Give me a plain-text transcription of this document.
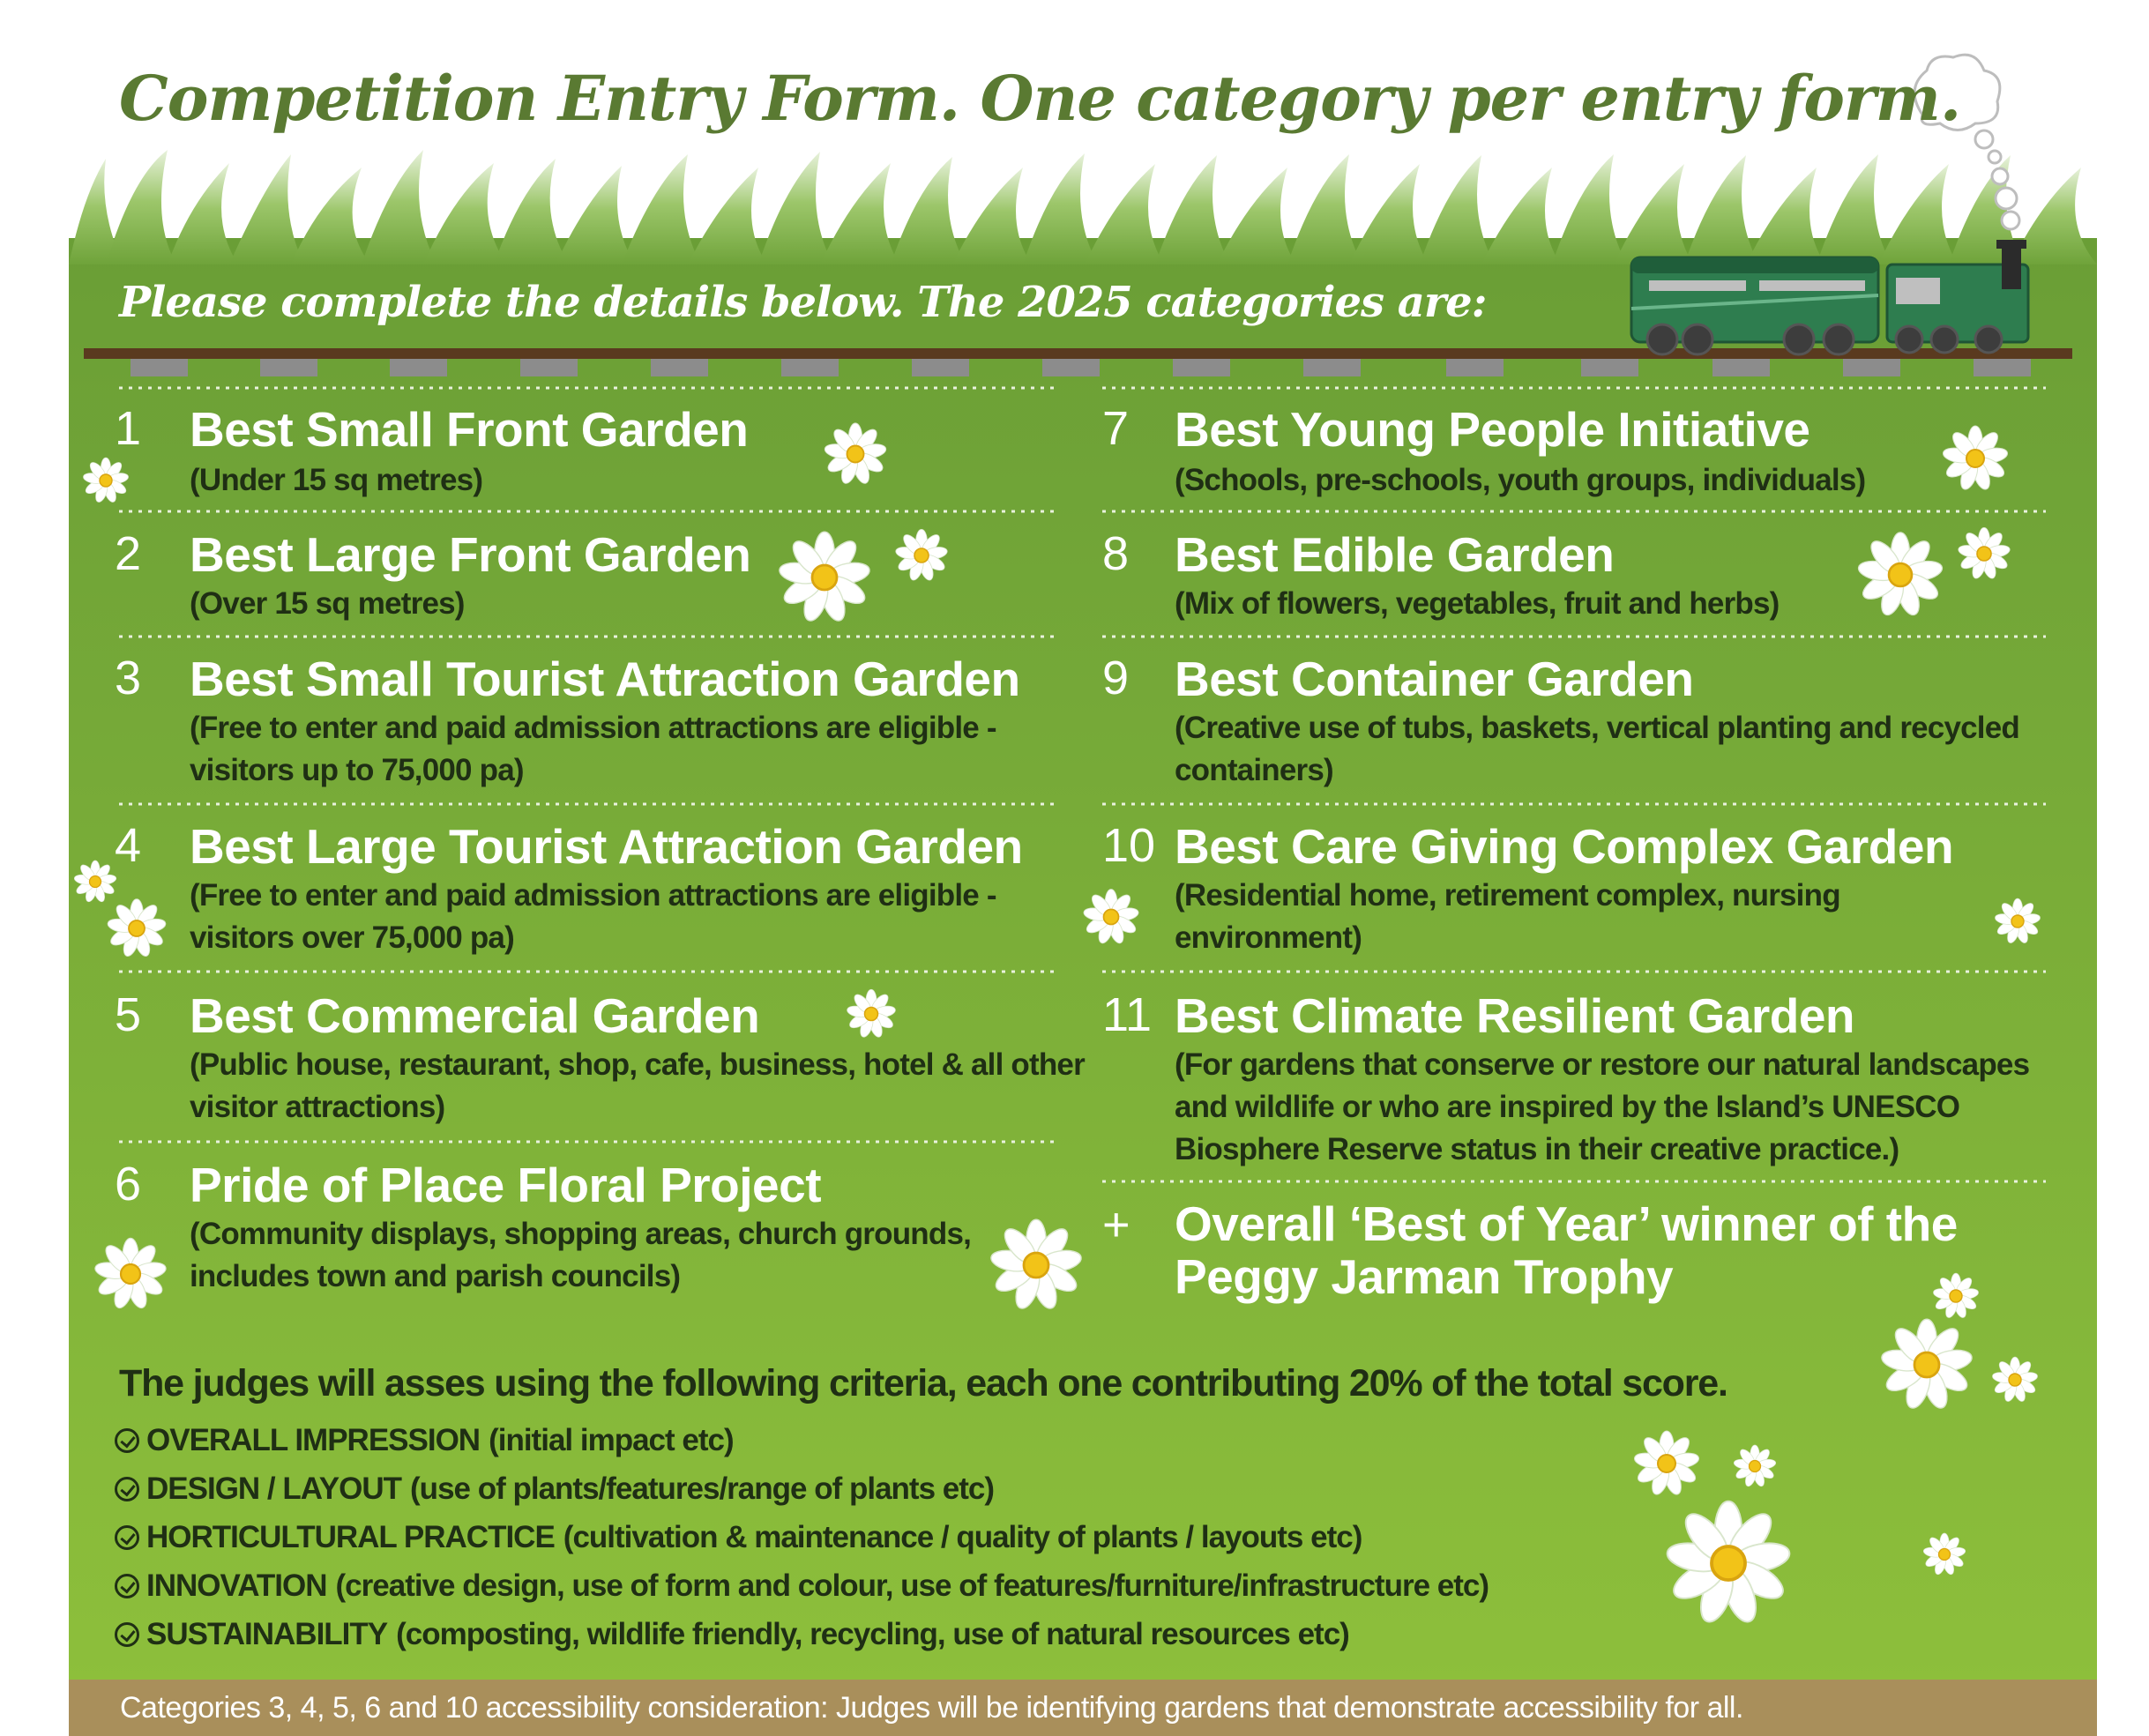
Competition Entry Form. One category per entry form.
Please complete the details below. The 2025 categories are:
1 Best Small Front Garden
(Under 15 sq metres)
2 Best Large Front Garden
(Over 15 sq metres)
3 Best Small Tourist Attraction Garden
(Free to enter and paid admission attractions are eligible - visitors up to 75,000 pa)
4 Best Large Tourist Attraction Garden
(Free to enter and paid admission attractions are eligible - visitors over 75,000 pa)
5 Best Commercial Garden
(Public house, restaurant, shop, cafe, business, hotel & all other visitor attractions)
6 Pride of Place Floral Project
(Community displays, shopping areas, church grounds, includes town and parish councils)
7 Best Young People Initiative
(Schools, pre-schools, youth groups, individuals)
8 Best Edible Garden
(Mix of flowers, vegetables, fruit and herbs)
9 Best Container Garden
(Creative use of tubs, baskets, vertical planting and recycled containers)
10 Best Care Giving Complex Garden
(Residential home, retirement complex, nursing environment)
11 Best Climate Resilient Garden
(For gardens that conserve or restore our natural landscapes and wildlife or who are inspired by the Island’s UNESCO Biosphere Reserve status in their creative practice.)
+ Overall ‘Best of Year’ winner of the Peggy Jarman Trophy
The judges will asses using the following criteria, each one contributing 20% of the total score.
OVERALL IMPRESSION (initial impact etc)
DESIGN / LAYOUT (use of plants/features/range of plants etc)
HORTICULTURAL PRACTICE (cultivation & maintenance / quality of plants / layouts etc)
INNOVATION (creative design, use of form and colour, use of features/furniture/infrastructure etc)
SUSTAINABILITY (composting, wildlife friendly, recycling, use of natural resources etc)
Categories 3, 4, 5, 6 and 10 accessibility consideration: Judges will be identifying gardens that demonstrate accessibility for all.
